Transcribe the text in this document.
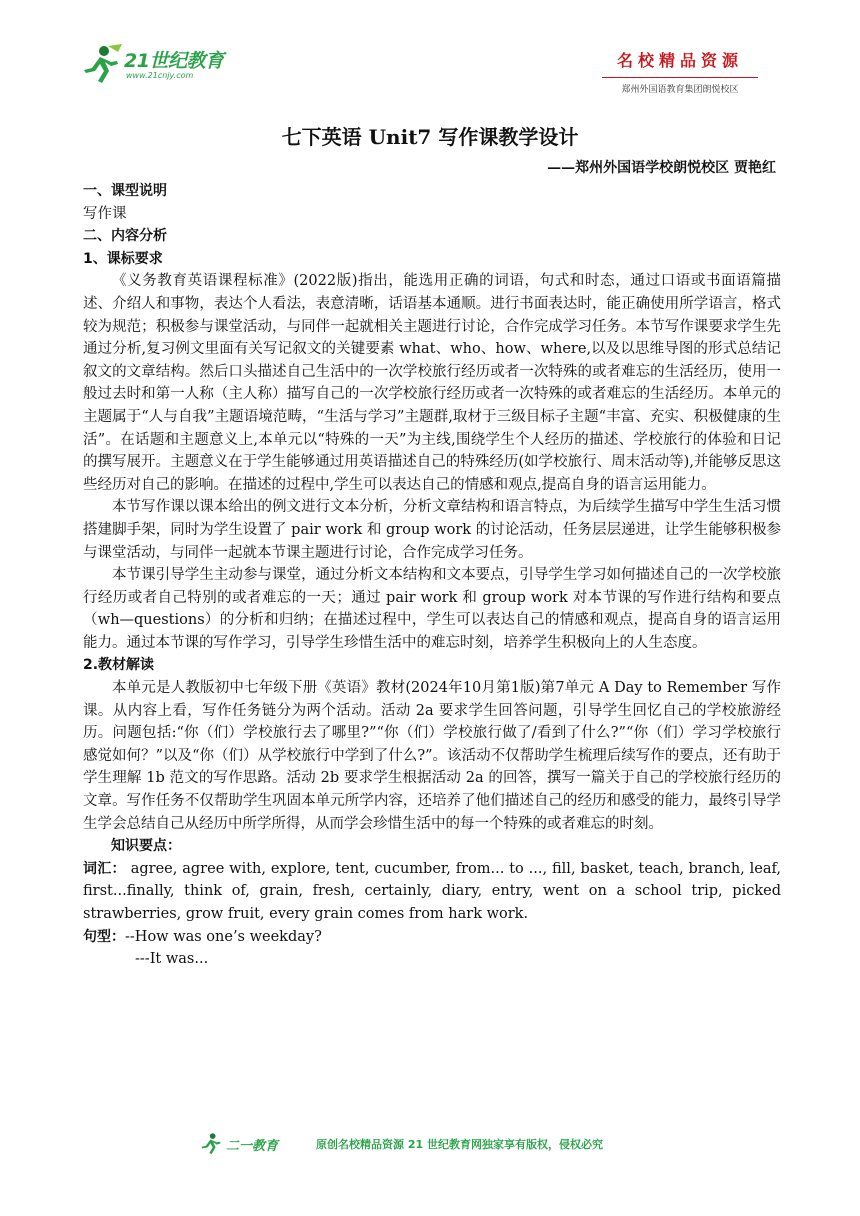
21世纪教育
www.21cnjy.com
名校精品资源
郑州外国语教育集团朗悦校区
七下英语 Unit7 写作课教学设计
——郑州外国语学校朗悦校区 贾艳红

一、课型说明

写作课

二、内容分析

1、课标要求

《义务教育英语课程标准》(2022版)指出，能选用正确的词语，句式和时态，通过口语或书面语篇描述、介绍人和事物，表达个人看法，表意清晰，话语基本通顺。进行书面表达时，能正确使用所学语言，格式较为规范；积极参与课堂活动，与同伴一起就相关主题进行讨论，合作完成学习任务。本节写作课要求学生先通过分析,复习例文里面有关写记叙文的关键要素 what、who、how、where,以及以思维导图的形式总结记叙文的文章结构。然后口头描述自己生活中的一次学校旅行经历或者一次特殊的或者难忘的生活经历，使用一般过去时和第一人称（主人称）描写自己的一次学校旅行经历或者一次特殊的或者难忘的生活经历。本单元的主题属于“人与自我”主题语境范畴，“生活与学习”主题群,取材于三级目标子主题“丰富、充实、积极健康的生活”。在话题和主题意义上,本单元以“特殊的一天”为主线,围绕学生个人经历的描述、学校旅行的体验和日记的撰写展开。主题意义在于学生能够通过用英语描述自己的特殊经历(如学校旅行、周末活动等),并能够反思这些经历对自己的影响。在描述的过程中,学生可以表达自己的情感和观点,提高自身的语言运用能力。

本节写作课以课本给出的例文进行文本分析，分析文章结构和语言特点，为后续学生描写中学生生活习惯搭建脚手架，同时为学生设置了 pair work 和 group work 的讨论活动，任务层层递进，让学生能够积极参与课堂活动，与同伴一起就本节课主题进行讨论，合作完成学习任务。

本节课引导学生主动参与课堂，通过分析文本结构和文本要点，引导学生学习如何描述自己的一次学校旅行经历或者自己特别的或者难忘的一天；通过 pair work 和 group work 对本节课的写作进行结构和要点（wh—questions）的分析和归纳；在描述过程中，学生可以表达自己的情感和观点，提高自身的语言运用能力。通过本节课的写作学习，引导学生珍惜生活中的难忘时刻，培养学生积极向上的人生态度。

2.教材解读

本单元是人教版初中七年级下册《英语》教材(2024年10月第1版)第7单元 A Day to Remember 写作课。从内容上看，写作任务链分为两个活动。活动 2a 要求学生回答问题，引导学生回忆自己的学校旅游经历。问题包括:“你（们）学校旅行去了哪里?”“你（们）学校旅行做了/看到了什么?”“你（们）学习学校旅行感觉如何？”以及“你（们）从学校旅行中学到了什么?”。该活动不仅帮助学生梳理后续写作的要点，还有助于学生理解 1b 范文的写作思路。活动 2b 要求学生根据活动 2a 的回答，撰写一篇关于自己的学校旅行经历的文章。写作任务不仅帮助学生巩固本单元所学内容，还培养了他们描述自己的经历和感受的能力，最终引导学生学会总结自己从经历中所学所得，从而学会珍惜生活中的每一个特殊的或者难忘的时刻。

知识要点：

词汇： agree, agree with, explore, tent, cucumber, from... to ..., fill, basket, teach, branch, leaf, first...finally, think of, grain, fresh, certainly, diary, entry, went on a school trip, picked strawberries, grow fruit, every grain comes from hark work.

句型：--How was one’s weekday?

---It was...

二一教育	原创名校精品资源 21 世纪教育网独家享有版权，侵权必究
